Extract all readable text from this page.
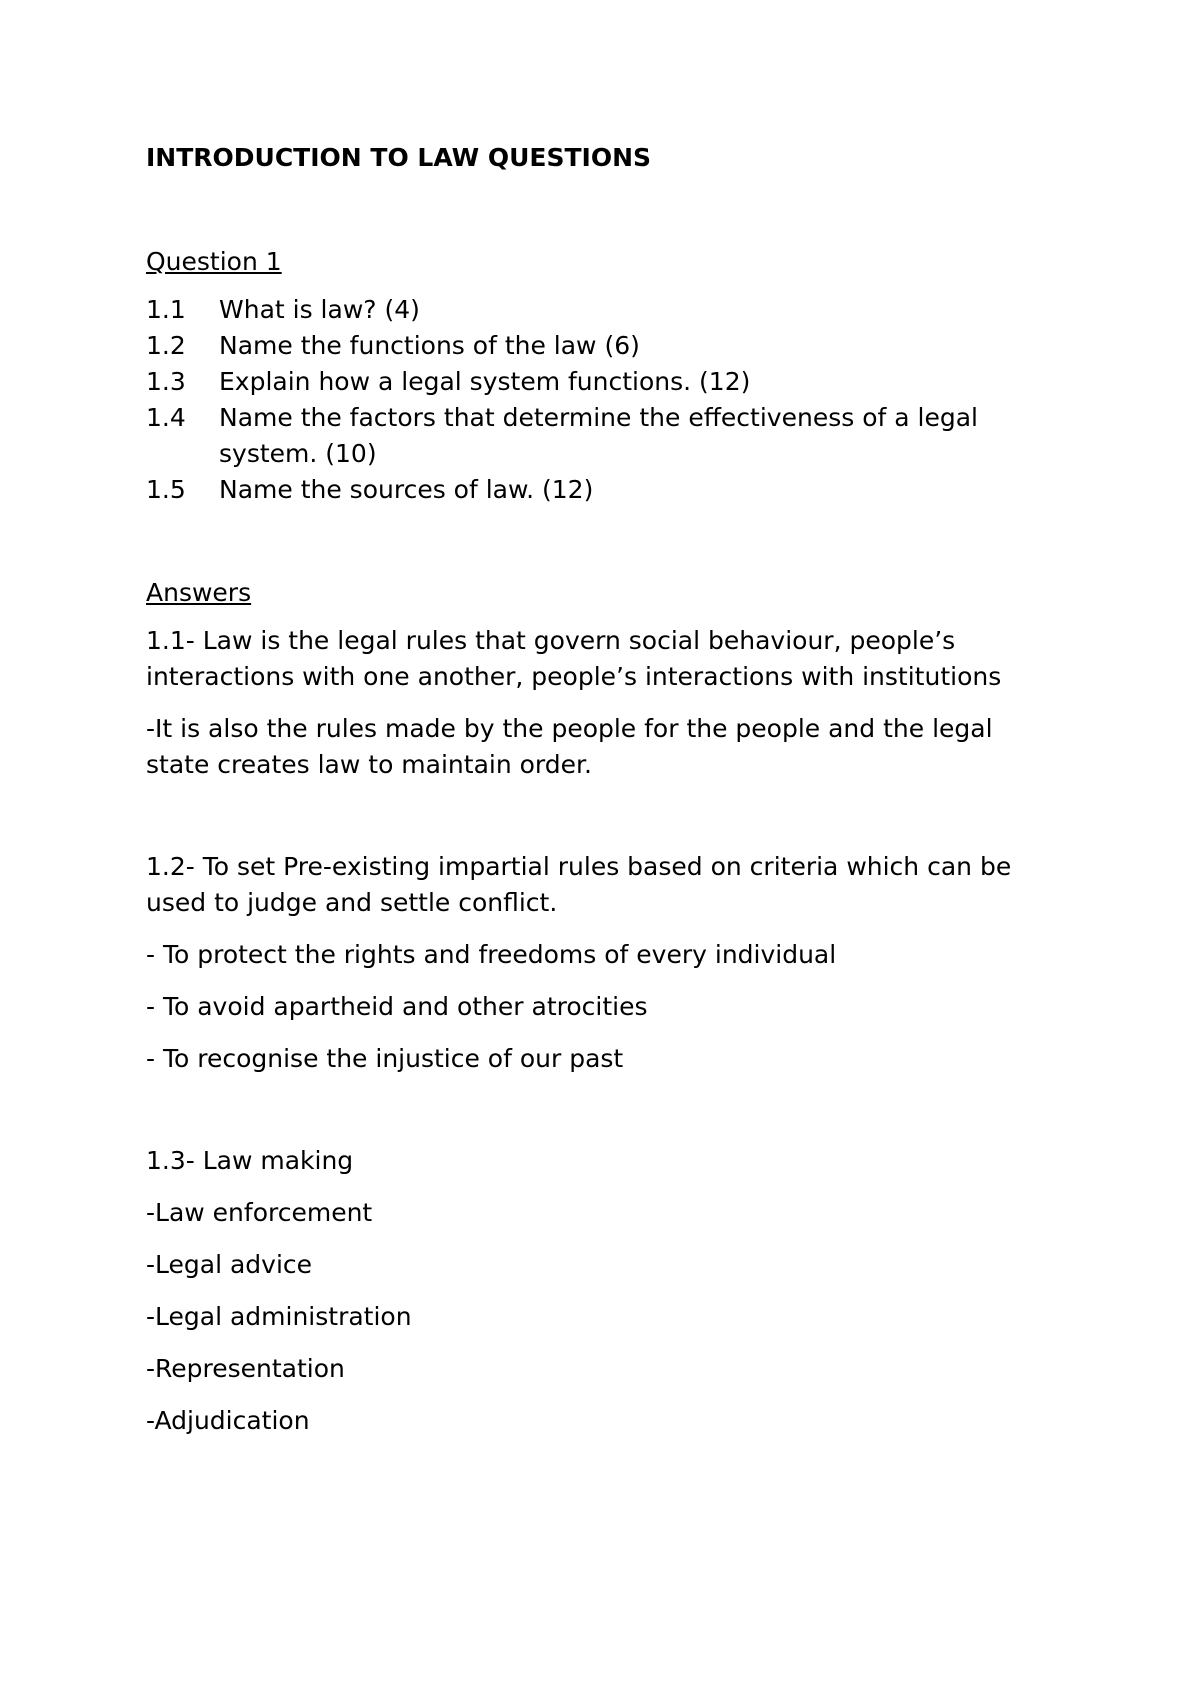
INTRODUCTION TO LAW QUESTIONS
Question 1
1.1	What is law? (4)
1.2	Name the functions of the law (6)
1.3	Explain how a legal system functions. (12)
1.4	Name the factors that determine the effectiveness of a legal system. (10)
1.5	Name the sources of law. (12)
Answers
1.1- Law is the legal rules that govern social behaviour, people’s interactions with one another, people’s interactions with institutions
-It is also the rules made by the people for the people and the legal state creates law to maintain order.
1.2- To set Pre-existing impartial rules based on criteria which can be used to judge and settle conflict.
- To protect the rights and freedoms of every individual
- To avoid apartheid and other atrocities
- To recognise the injustice of our past
1.3- Law making
-Law enforcement
-Legal advice
-Legal administration
-Representation
-Adjudication
